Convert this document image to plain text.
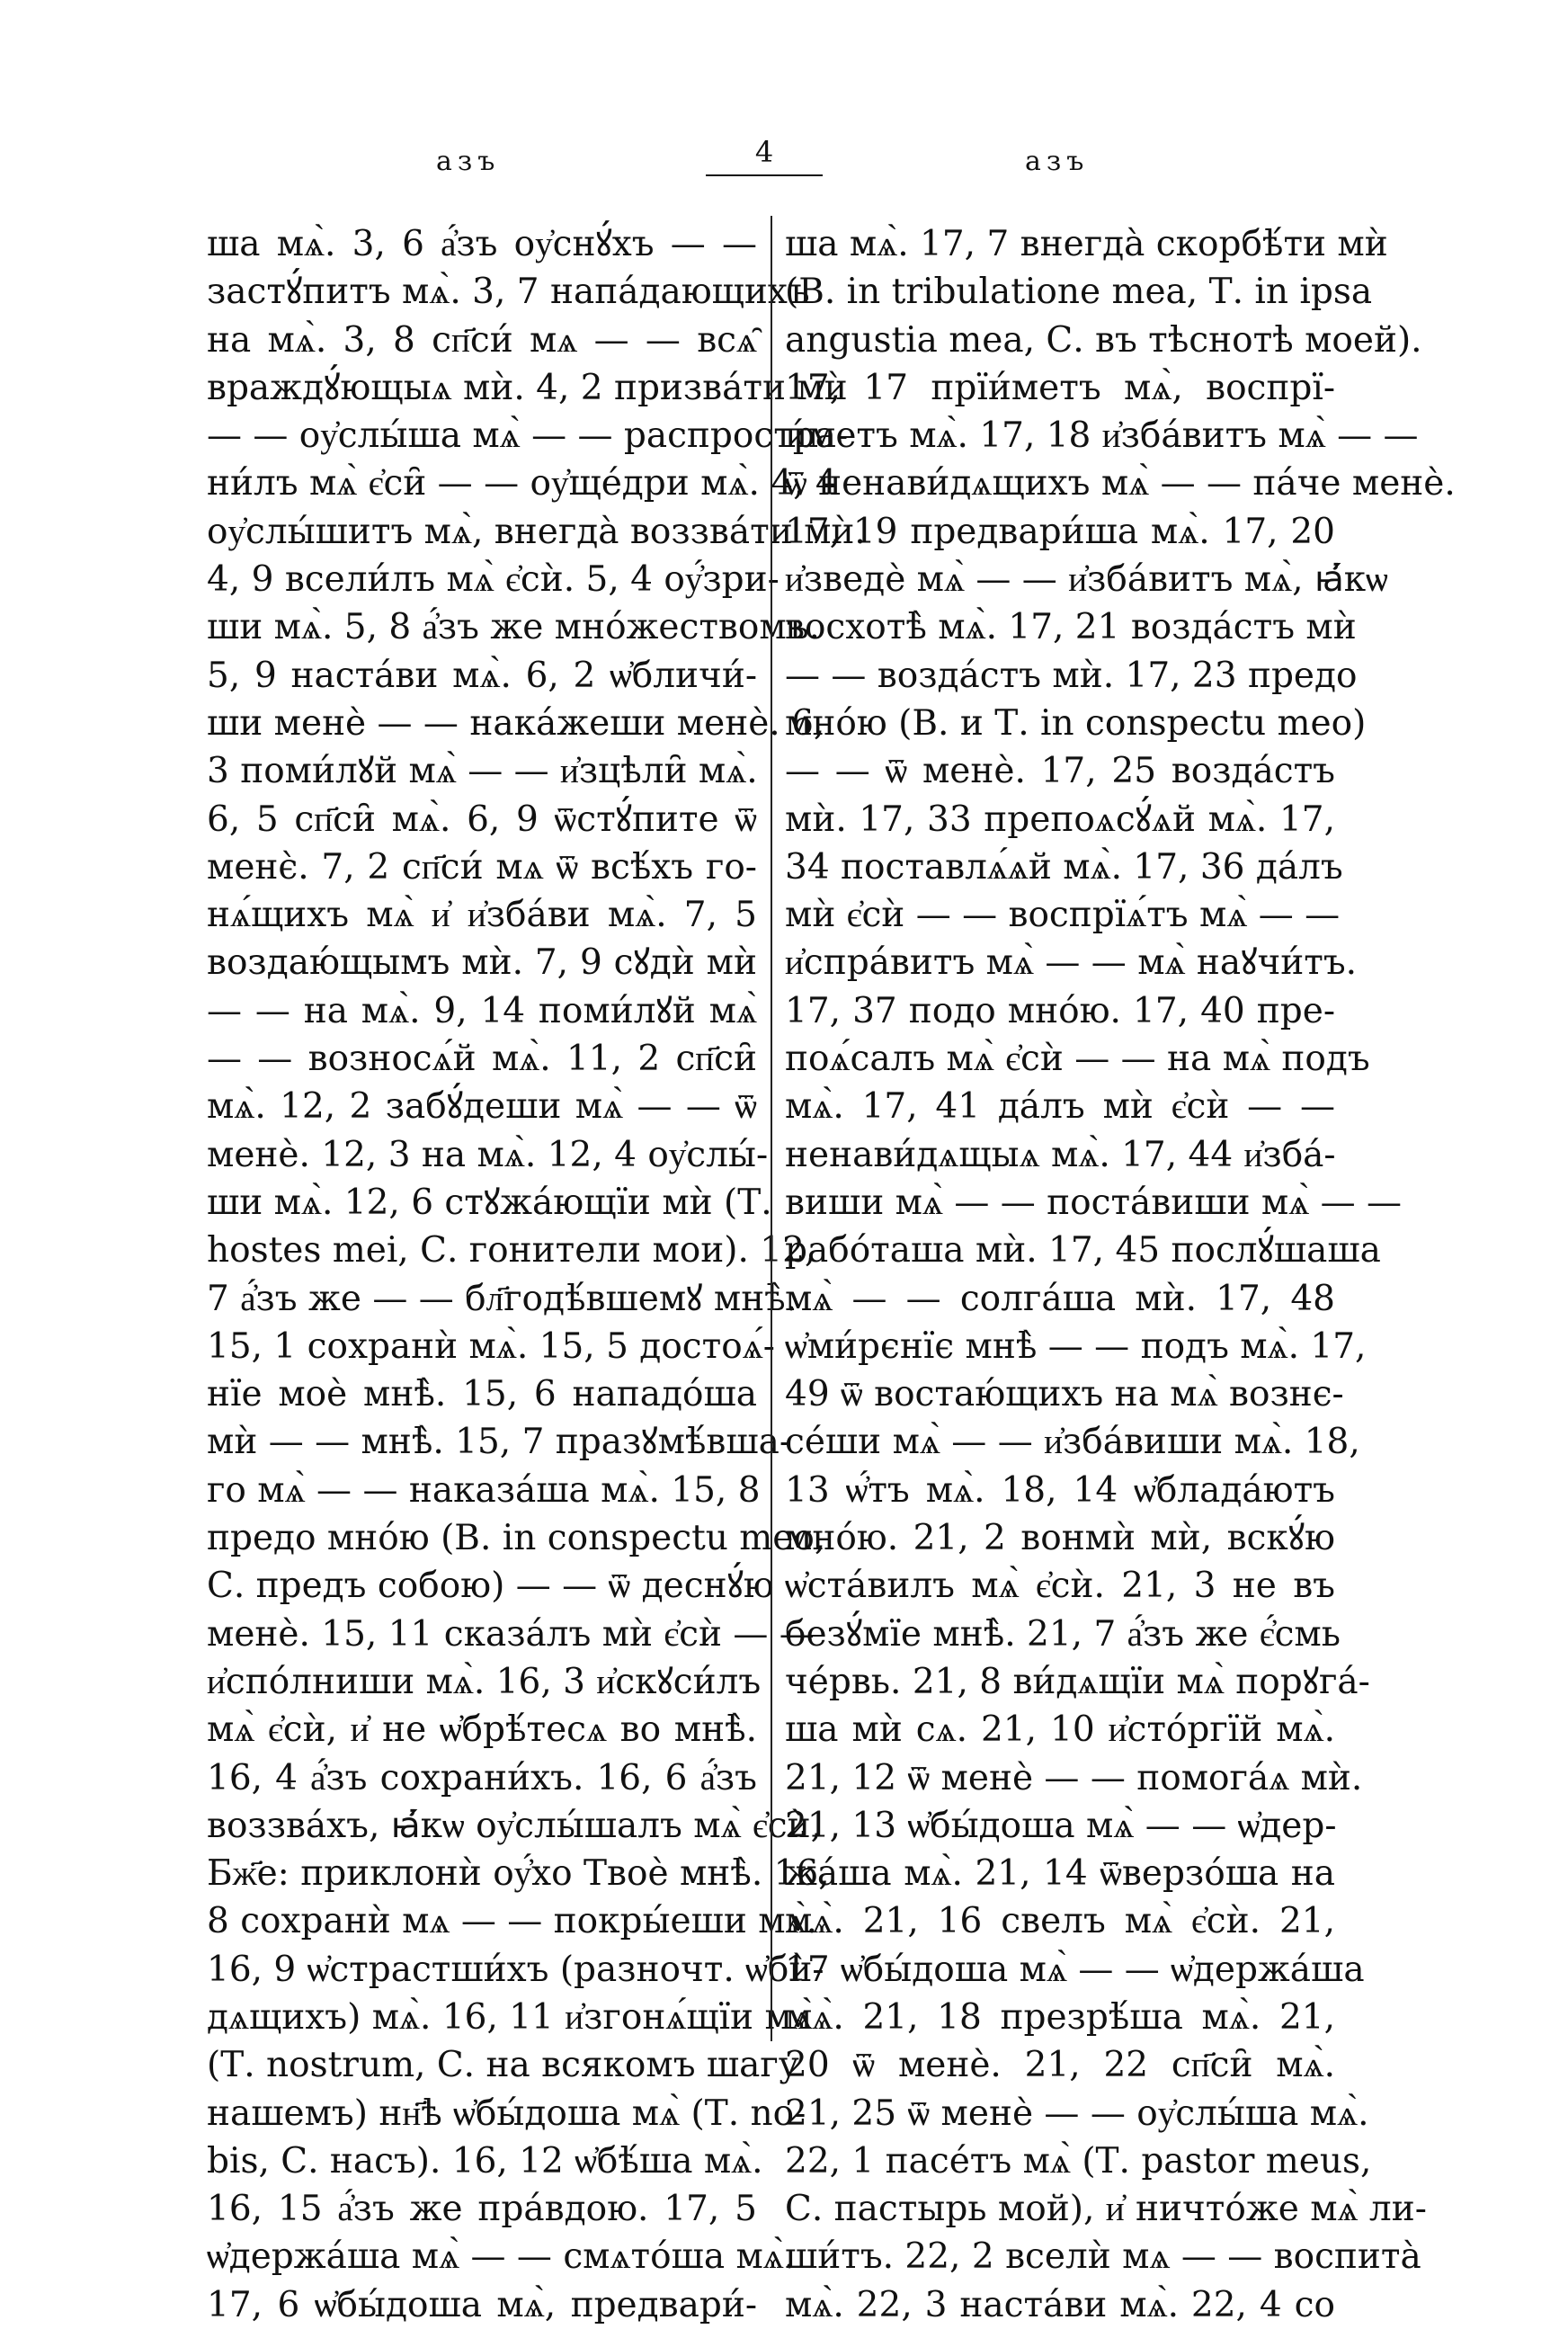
азъ	4	азъ
ша мѧ̀. 3, 6 а҆́зъ оу҆снꙋ́хъ — —
застꙋ́питъ мѧ̀. 3, 7 напа́дающихъ
на мѧ̀. 3, 8 сп҃си́ мѧ — — всѧ̑
враждꙋ́ющыѧ мѝ. 4, 2 призва́ти мѝ
— — оу҆слы́ша мѧ̀ — — распростра-
ни́лъ мѧ̀ є҆си̑ — — оу҆ще́дри мѧ̀. 4, 4
оу҆слы́шитъ мѧ̀, внегда̀ воззва́ти мѝ.
4, 9 всели́лъ мѧ̀ є҆сѝ. 5, 4 оу҆́зри-
ши мѧ̀. 5, 8 а҆́зъ же мно́жествомъ.
5, 9 наста́ви мѧ̀. 6, 2 ѡ҆бличи́-
ши менѐ — — нака́жеши менѐ. 6,
3 поми́лꙋй мѧ̀ — — и҆зцѣли̑ мѧ̀.
6, 5 сп҃си̑ мѧ̀. 6, 9 ѿстꙋ́пите ѿ
менє̀. 7, 2 сп҃си́ мѧ ѿ всѣ́хъ го-
нѧ́щихъ мѧ̀ и҆ и҆зба́ви мѧ̀. 7, 5
воздаю́щымъ мѝ. 7, 9 сꙋдѝ мѝ
— — на мѧ̀. 9, 14 поми́лꙋй мѧ̀
— — возносѧ́й мѧ̀. 11, 2 сп҃си̑
мѧ̀. 12, 2 забꙋ́деши мѧ̀ — — ѿ
менѐ. 12, 3 на мѧ̀. 12, 4 оу҆слы́-
ши мѧ̀. 12, 6 стꙋжа́ющїи мѝ (Т.
hostes mei, С. гонители мои). 12,
7 а҆́зъ же — — бл҃годѣ́вшемꙋ мнѣ̀.
15, 1 сохранѝ мѧ̀. 15, 5 достоѧ́-
нїе моѐ мнѣ̀. 15, 6 нападо́ша
мѝ — — мнѣ̀. 15, 7 празꙋмѣ́вша-
го мѧ̀ — — наказа́ша мѧ̀. 15, 8
предо мно́ю (В. in conspectu meo,
С. предъ собою) — — ѿ деснꙋ́ю
менѐ. 15, 11 сказа́лъ мѝ є҆сѝ — —
и҆спо́лниши мѧ̀. 16, 3 и҆скꙋси́лъ
мѧ̀ є҆сѝ, и҆ не ѡ҆брѣ́тесѧ во мнѣ̀.
16, 4 а҆́зъ сохрани́хъ. 16, 6 а҆́зъ
воззва́хъ, ꙗ҆́кѡ оу҆слы́шалъ мѧ̀ є҆сѝ,
Бж҃е: приклонѝ оу҆́хо Твоѐ мнѣ̀. 16,
8 сохранѝ мѧ — — покры́еши мѧ̀.
16, 9 ѡ҆страстши́хъ (разночт. ѡ҆бѝ-
дѧщихъ) мѧ̀. 16, 11 и҆згонѧ́щїи мѧ̀
(Т. nostrum, С. на всякомъ шагу
нашемъ) нн҃ѣ ѡ҆бы́доша мѧ̀ (Т. no-
bis, С. насъ). 16, 12 ѡ҆бѣ́ша мѧ̀.
16, 15 а҆́зъ же пра́вдою. 17, 5
ѡ҆держа́ша мѧ̀ — — смѧто́ша мѧ̀.
17, 6 ѡ҆бы́доша мѧ̀, предвари́-
ша мѧ̀. 17, 7 внегда̀ скорбѣ́ти мѝ
(В. in tribulatione mea, Т. in ipsa
angustia mea, С. въ тѣснотѣ моей).
17, 17 прїи́метъ мѧ̀, воспрї-
и́метъ мѧ̀. 17, 18 и҆зба́витъ мѧ̀ — —
ѿ ненави́дѧщихъ мѧ̀ — — па́че менѐ.
17, 19 предвари́ша мѧ̀. 17, 20
и҆зведѐ мѧ̀ — — и҆зба́витъ мѧ̀, ꙗ҆́кѡ
восхотѣ̀ мѧ̀. 17, 21 возда́стъ мѝ
— — возда́стъ мѝ. 17, 23 предо
мно́ю (В. и Т. in conspectu meo)
— — ѿ менѐ. 17, 25 возда́стъ
мѝ. 17, 33 препоѧсꙋ́ѧй мѧ̀. 17,
34 поставлѧ́ѧй мѧ̀. 17, 36 да́лъ
мѝ є҆сѝ — — воспрїѧ́тъ мѧ̀ — —
и҆спра́витъ мѧ̀ — — мѧ̀ наꙋчи́тъ.
17, 37 подо мно́ю. 17, 40 пре-
поѧ́салъ мѧ̀ є҆сѝ — — на мѧ̀ подъ
мѧ̀. 17, 41 да́лъ мѝ є҆сѝ — —
ненави́дѧщыѧ мѧ̀. 17, 44 и҆зба́-
виши мѧ̀ — — поста́виши мѧ̀ — —
рабо́таша мѝ. 17, 45 послꙋ́шаша
мѧ̀ — — солга́ша мѝ. 17, 48
ѡ҆ми́рєнїє мнѣ̀ — — подъ мѧ̀. 17,
49 ѿ востаю́щихъ на мѧ̀ вознє-
се́ши мѧ̀ — — и҆зба́виши мѧ̀. 18,
13 ѡ҆́тъ мѧ̀. 18, 14 ѡ҆блада́ютъ
мно́ю. 21, 2 вонмѝ мѝ, вскꙋ́ю
ѡ҆ста́вилъ мѧ̀ є҆сѝ. 21, 3 не въ
безꙋ́мїе мнѣ̀. 21, 7 а҆́зъ же є҆́смь
че́рвь. 21, 8 ви́дѧщїи мѧ̀ порꙋга́-
ша мѝ сѧ. 21, 10 и҆сто́ргїй мѧ̀.
21, 12 ѿ менѐ — — помога́ѧ мѝ.
21, 13 ѡ҆бы́доша мѧ̀ — — ѡ҆дер-
жа́ша мѧ̀. 21, 14 ѿверзо́ша на
мѧ̀. 21, 16 свелъ мѧ̀ є҆сѝ. 21,
17 ѡ҆бы́доша мѧ̀ — — ѡ҆держа́ша
мѧ̀. 21, 18 презрѣ́ша мѧ̀. 21,
20 ѿ менѐ. 21, 22 сп҃си̑ мѧ̀.
21, 25 ѿ менѐ — — оу҆слы́ша мѧ̀.
22, 1 пасе́тъ мѧ̀ (Т. pastor meus,
С. пастырь мой), и҆ ничто́же мѧ̀ ли-
ши́тъ. 22, 2 вселѝ мѧ — — воспита̀
мѧ̀. 22, 3 наста́ви мѧ̀. 22, 4 со
